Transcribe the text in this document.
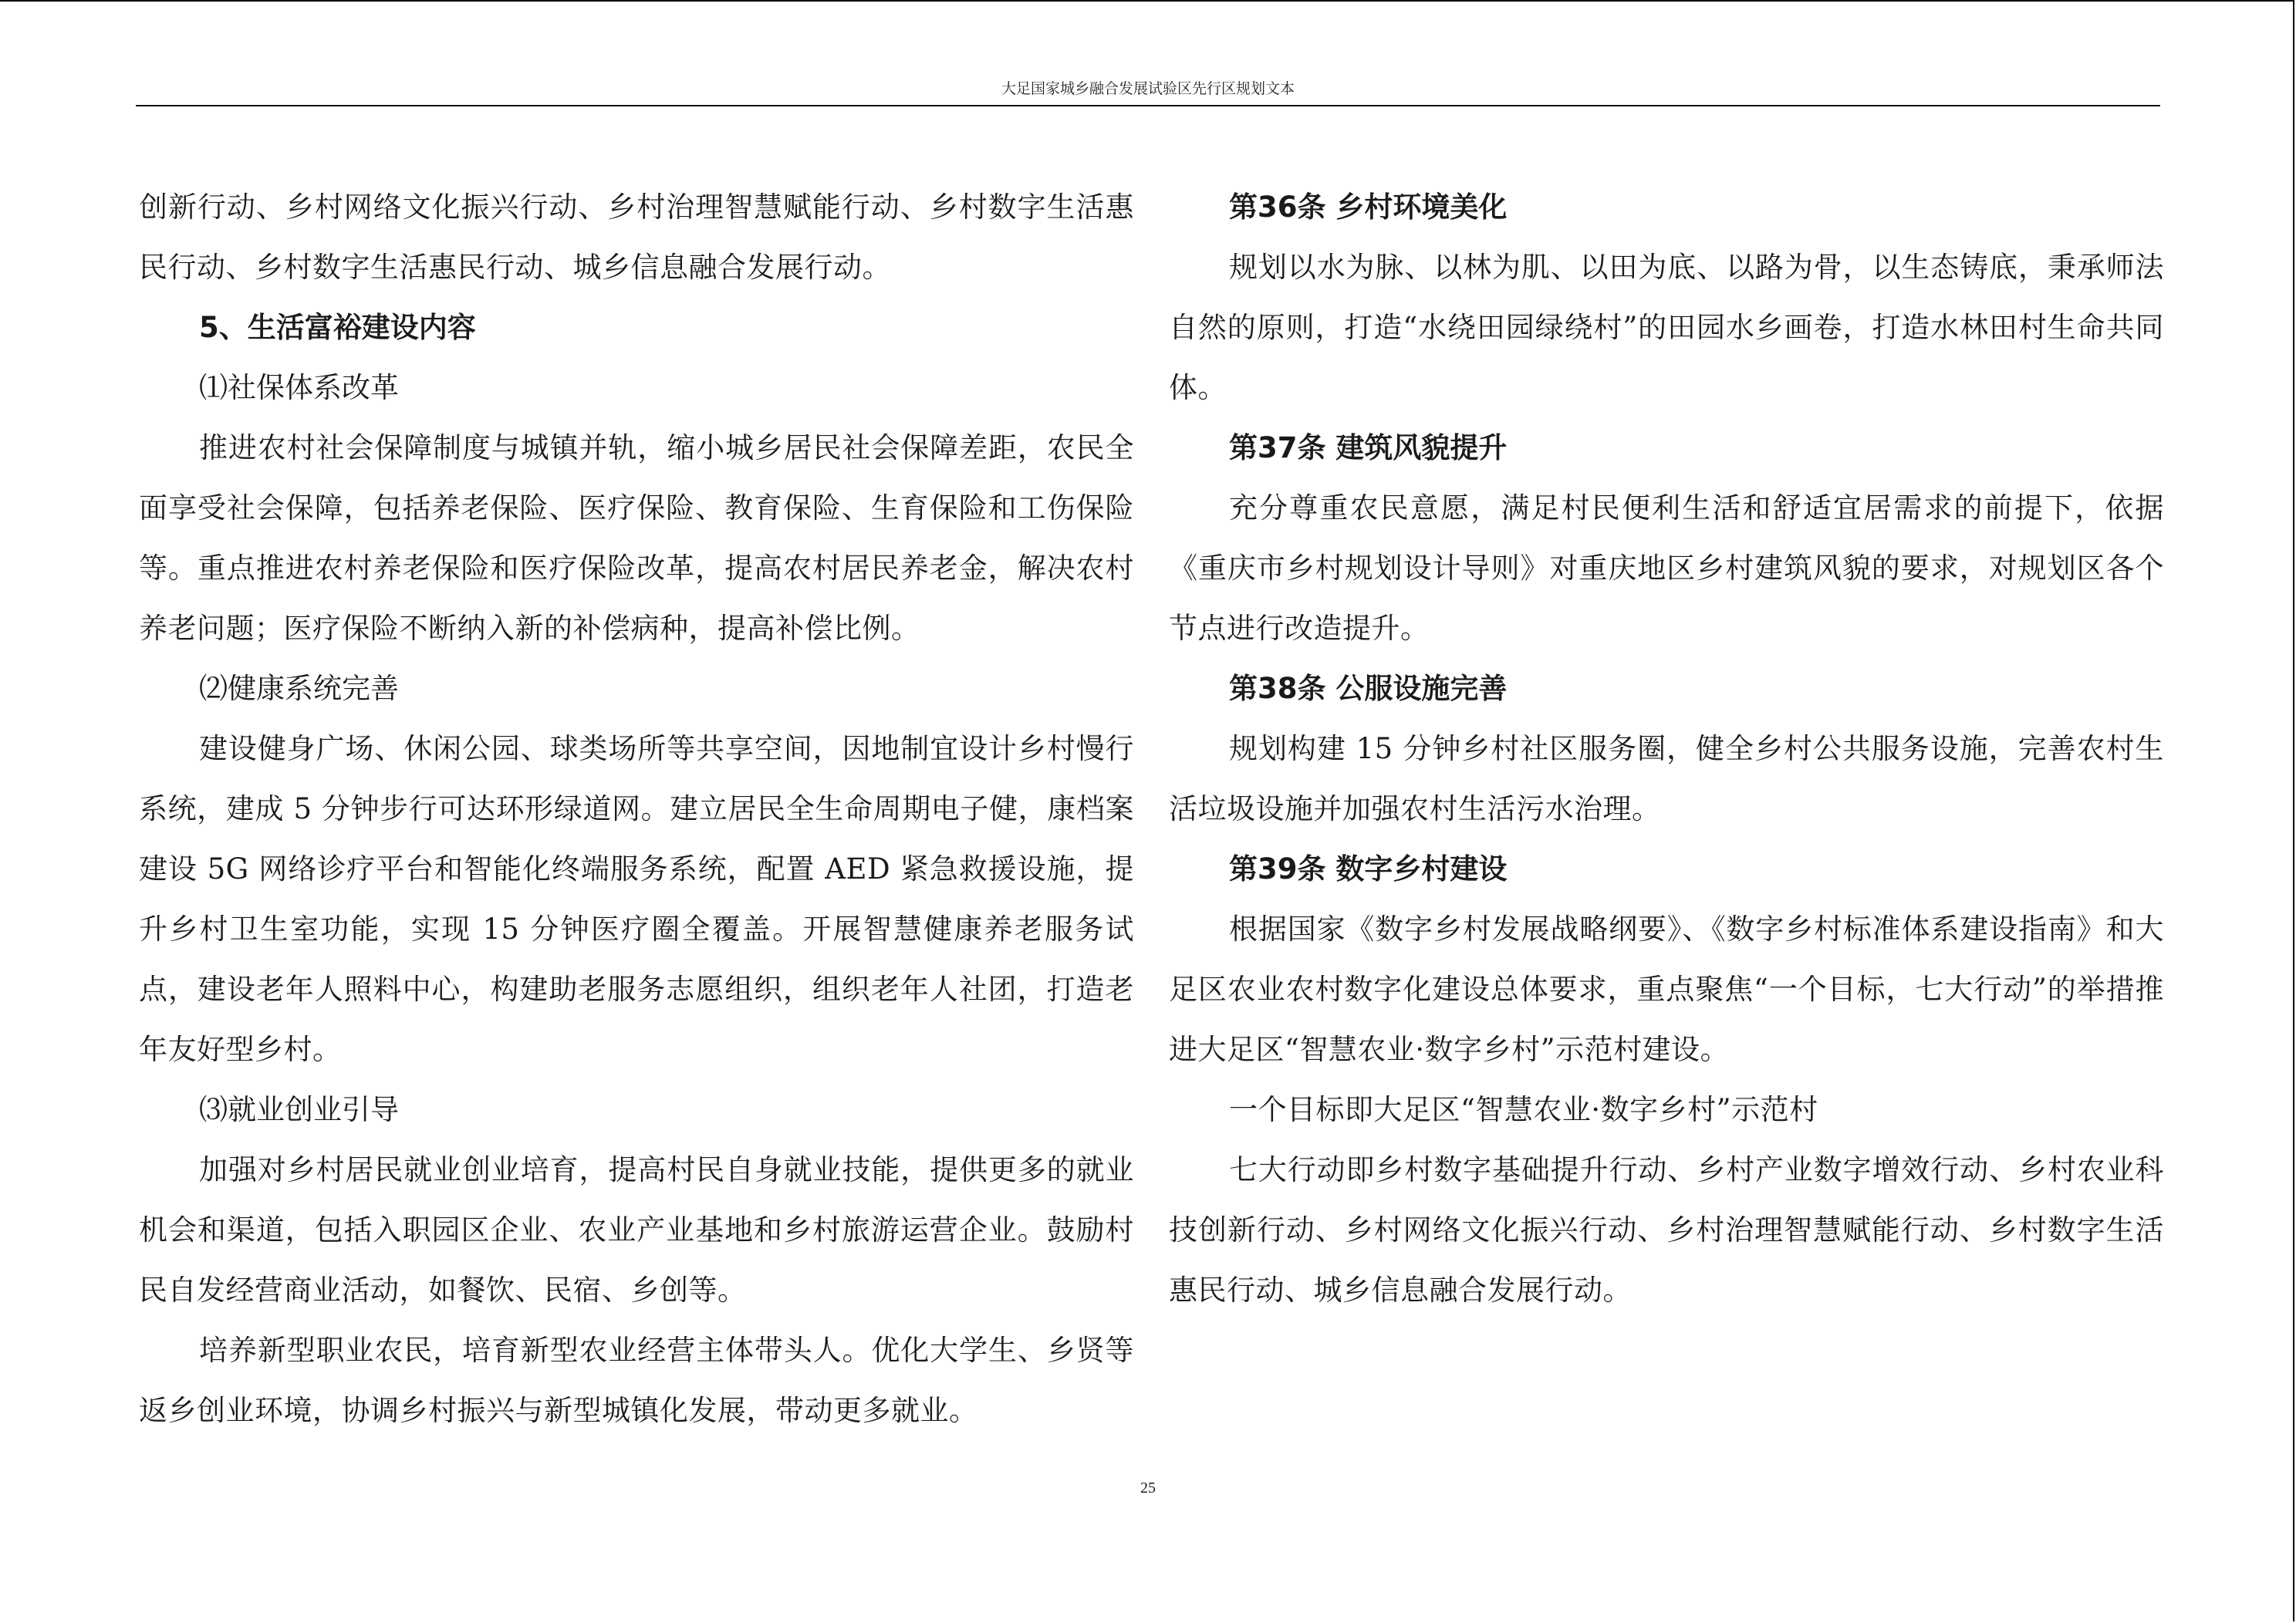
大足国家城乡融合发展试验区先行区规划文本

创新行动、乡村网络文化振兴行动、乡村治理智慧赋能行动、乡村数字生活惠民行动、乡村数字生活惠民行动、城乡信息融合发展行动。

5、生活富裕建设内容

⑴社保体系改革

推进农村社会保障制度与城镇并轨，缩小城乡居民社会保障差距，农民全面享受社会保障，包括养老保险、医疗保险、教育保险、生育保险和工伤保险等。重点推进农村养老保险和医疗保险改革，提高农村居民养老金，解决农村养老问题；医疗保险不断纳入新的补偿病种，提高补偿比例。

⑵健康系统完善

建设健身广场、休闲公园、球类场所等共享空间，因地制宜设计乡村慢行系统，建成 5 分钟步行可达环形绿道网。建立居民全生命周期电子健，康档案建设 5G 网络诊疗平台和智能化终端服务系统，配置 AED 紧急救援设施，提升乡村卫生室功能，实现 15 分钟医疗圈全覆盖。开展智慧健康养老服务试点，建设老年人照料中心，构建助老服务志愿组织，组织老年人社团，打造老年友好型乡村。

⑶就业创业引导

加强对乡村居民就业创业培育，提高村民自身就业技能，提供更多的就业机会和渠道，包括入职园区企业、农业产业基地和乡村旅游运营企业。鼓励村民自发经营商业活动，如餐饮、民宿、乡创等。

培养新型职业农民，培育新型农业经营主体带头人。优化大学生、乡贤等返乡创业环境，协调乡村振兴与新型城镇化发展，带动更多就业。

第36条 乡村环境美化

规划以水为脉、以林为肌、以田为底、以路为骨，以生态铸底，秉承师法自然的原则，打造“水绕田园绿绕村”的田园水乡画卷，打造水林田村生命共同体。

第37条 建筑风貌提升

充分尊重农民意愿，满足村民便利生活和舒适宜居需求的前提下，依据《重庆市乡村规划设计导则》对重庆地区乡村建筑风貌的要求，对规划区各个节点进行改造提升。

第38条 公服设施完善

规划构建 15 分钟乡村社区服务圈，健全乡村公共服务设施，完善农村生活垃圾设施并加强农村生活污水治理。

第39条 数字乡村建设

根据国家《数字乡村发展战略纲要》、《数字乡村标准体系建设指南》和大足区农业农村数字化建设总体要求，重点聚焦“一个目标，七大行动”的举措推进大足区“智慧农业·数字乡村”示范村建设。

一个目标即大足区“智慧农业·数字乡村”示范村

七大行动即乡村数字基础提升行动、乡村产业数字增效行动、乡村农业科技创新行动、乡村网络文化振兴行动、乡村治理智慧赋能行动、乡村数字生活惠民行动、城乡信息融合发展行动。

25
